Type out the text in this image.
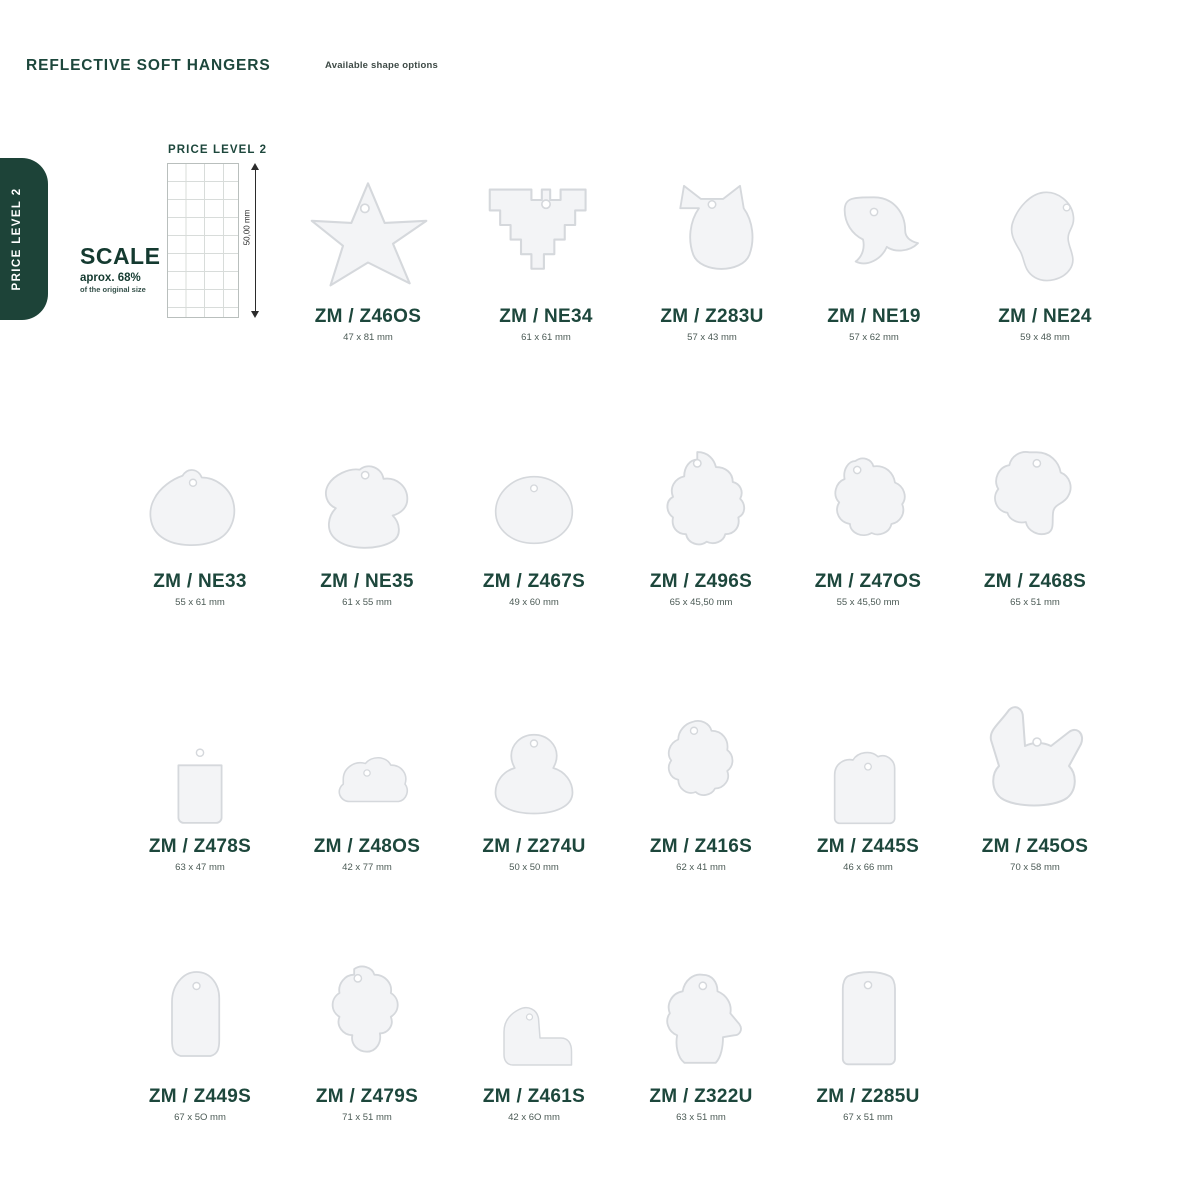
REFLECTIVE SOFT HANGERS	Available shape options
PRICE LEVEL 2
PRICE LEVEL 2
50,00 mm
SCALE
aprox. 68%
of the original size
ZM / Z46OS
47 x 81 mm
ZM / NE34
61 x 61 mm
ZM / Z283U
57 x 43 mm
ZM / NE19
57 x 62 mm
ZM / NE24
59 x 48 mm
ZM / NE33
55 x 61 mm
ZM / NE35
61 x 55 mm
ZM / Z467S
49 x 60 mm
ZM / Z496S
65 x 45,50 mm
ZM / Z47OS
55 x 45,50 mm
ZM / Z468S
65 x 51 mm
ZM / Z478S
63 x 47 mm
ZM / Z48OS
42 x 77 mm
ZM / Z274U
50 x 50 mm
ZM / Z416S
62 x 41 mm
ZM / Z445S
46 x 66 mm
ZM / Z45OS
70 x 58 mm
ZM / Z449S
67 x 5O mm
ZM / Z479S
71 x 51 mm
ZM / Z461S
42 x 6O mm
ZM / Z322U
63 x 51 mm
ZM / Z285U
67 x 51 mm
